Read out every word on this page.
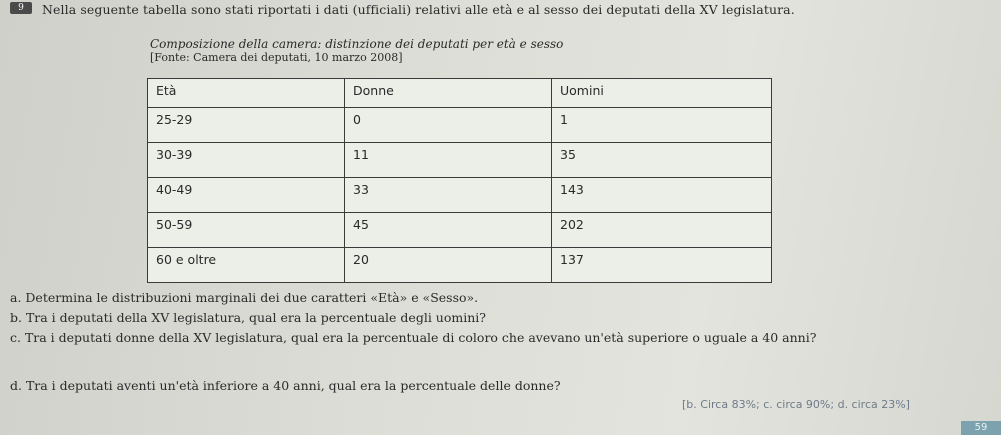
9	Nella seguente tabella sono stati riportati i dati (ufficiali) relativi alle età e al sesso dei deputati della XV legislatura.
Composizione della camera: distinzione dei deputati per età e sesso
[Fonte: Camera dei deputati, 10 marzo 2008]
Età	Donne	Uomini
25-29	0	1
30-39	11	35
40-49	33	143
50-59	45	202
60 e oltre	20	137
a. Determina le distribuzioni marginali dei due caratteri «Età» e «Sesso».
b. Tra i deputati della XV legislatura, qual era la percentuale degli uomini?
c. Tra i deputati donne della XV legislatura, qual era la percentuale di coloro che avevano un'età superiore o uguale a 40 anni?
d. Tra i deputati aventi un'età inferiore a 40 anni, qual era la percentuale delle donne?
[b. Circa 83%; c. circa 90%; d. circa 23%]
59
